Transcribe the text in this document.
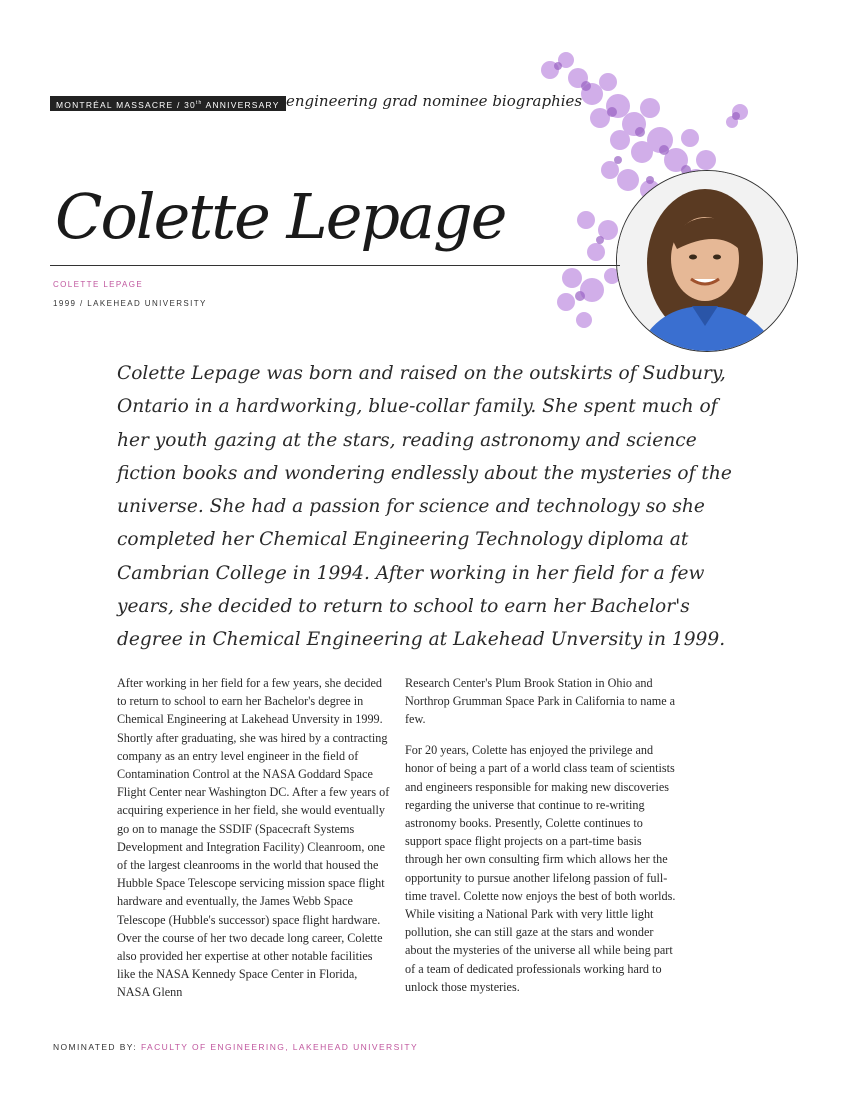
MONTRÉAL MASSACRE / 30th ANNIVERSARY engineering grad nominee biographies
Colette Lepage
COLETTE LEPAGE
1999 / LAKEHEAD UNIVERSITY
Colette Lepage was born and raised on the outskirts of Sudbury, Ontario in a hardworking, blue-collar family. She spent much of her youth gazing at the stars, reading astronomy and science fiction books and wondering endlessly about the mysteries of the universe. She had a passion for science and technology so she completed her Chemical Engineering Technology diploma at Cambrian College in 1994. After working in her field for a few years, she decided to return to school to earn her Bachelor's degree in Chemical Engineering at Lakehead Unversity in 1999.

After working in her field for a few years, she decided to return to school to earn her Bachelor's degree in Chemical Engineering at Lakehead Unversity in 1999. Shortly after graduating, she was hired by a contracting company as an entry level engineer in the field of Contamination Control at the NASA Goddard Space Flight Center near Washington DC. After a few years of acquiring experience in her field, she would eventually go on to manage the SSDIF (Spacecraft Systems Development and Integration Facility) Cleanroom, one of the largest cleanrooms in the world that housed the Hubble Space Telescope servicing mission space flight hardware and eventually, the James Webb Space Telescope (Hubble's successor) space flight hardware. Over the course of her two decade long career, Colette also provided her expertise at other notable facilities like the NASA Kennedy Space Center in Florida, NASA Glenn

Research Center's Plum Brook Station in Ohio and Northrop Grumman Space Park in California to name a few.

For 20 years, Colette has enjoyed the privilege and honor of being a part of a world class team of scientists and engineers responsible for making new discoveries regarding the universe that continue to re-writing astronomy books. Presently, Colette continues to support space flight projects on a part-time basis through her own consulting firm which allows her the opportunity to pursue another lifelong passion of full-time travel. Colette now enjoys the best of both worlds. While visiting a National Park with very little light pollution, she can still gaze at the stars and wonder about the mysteries of the universe all while being part of a team of dedicated professionals working hard to unlock those mysteries.

NOMINATED BY: FACULTY OF ENGINEERING, LAKEHEAD UNIVERSITY
